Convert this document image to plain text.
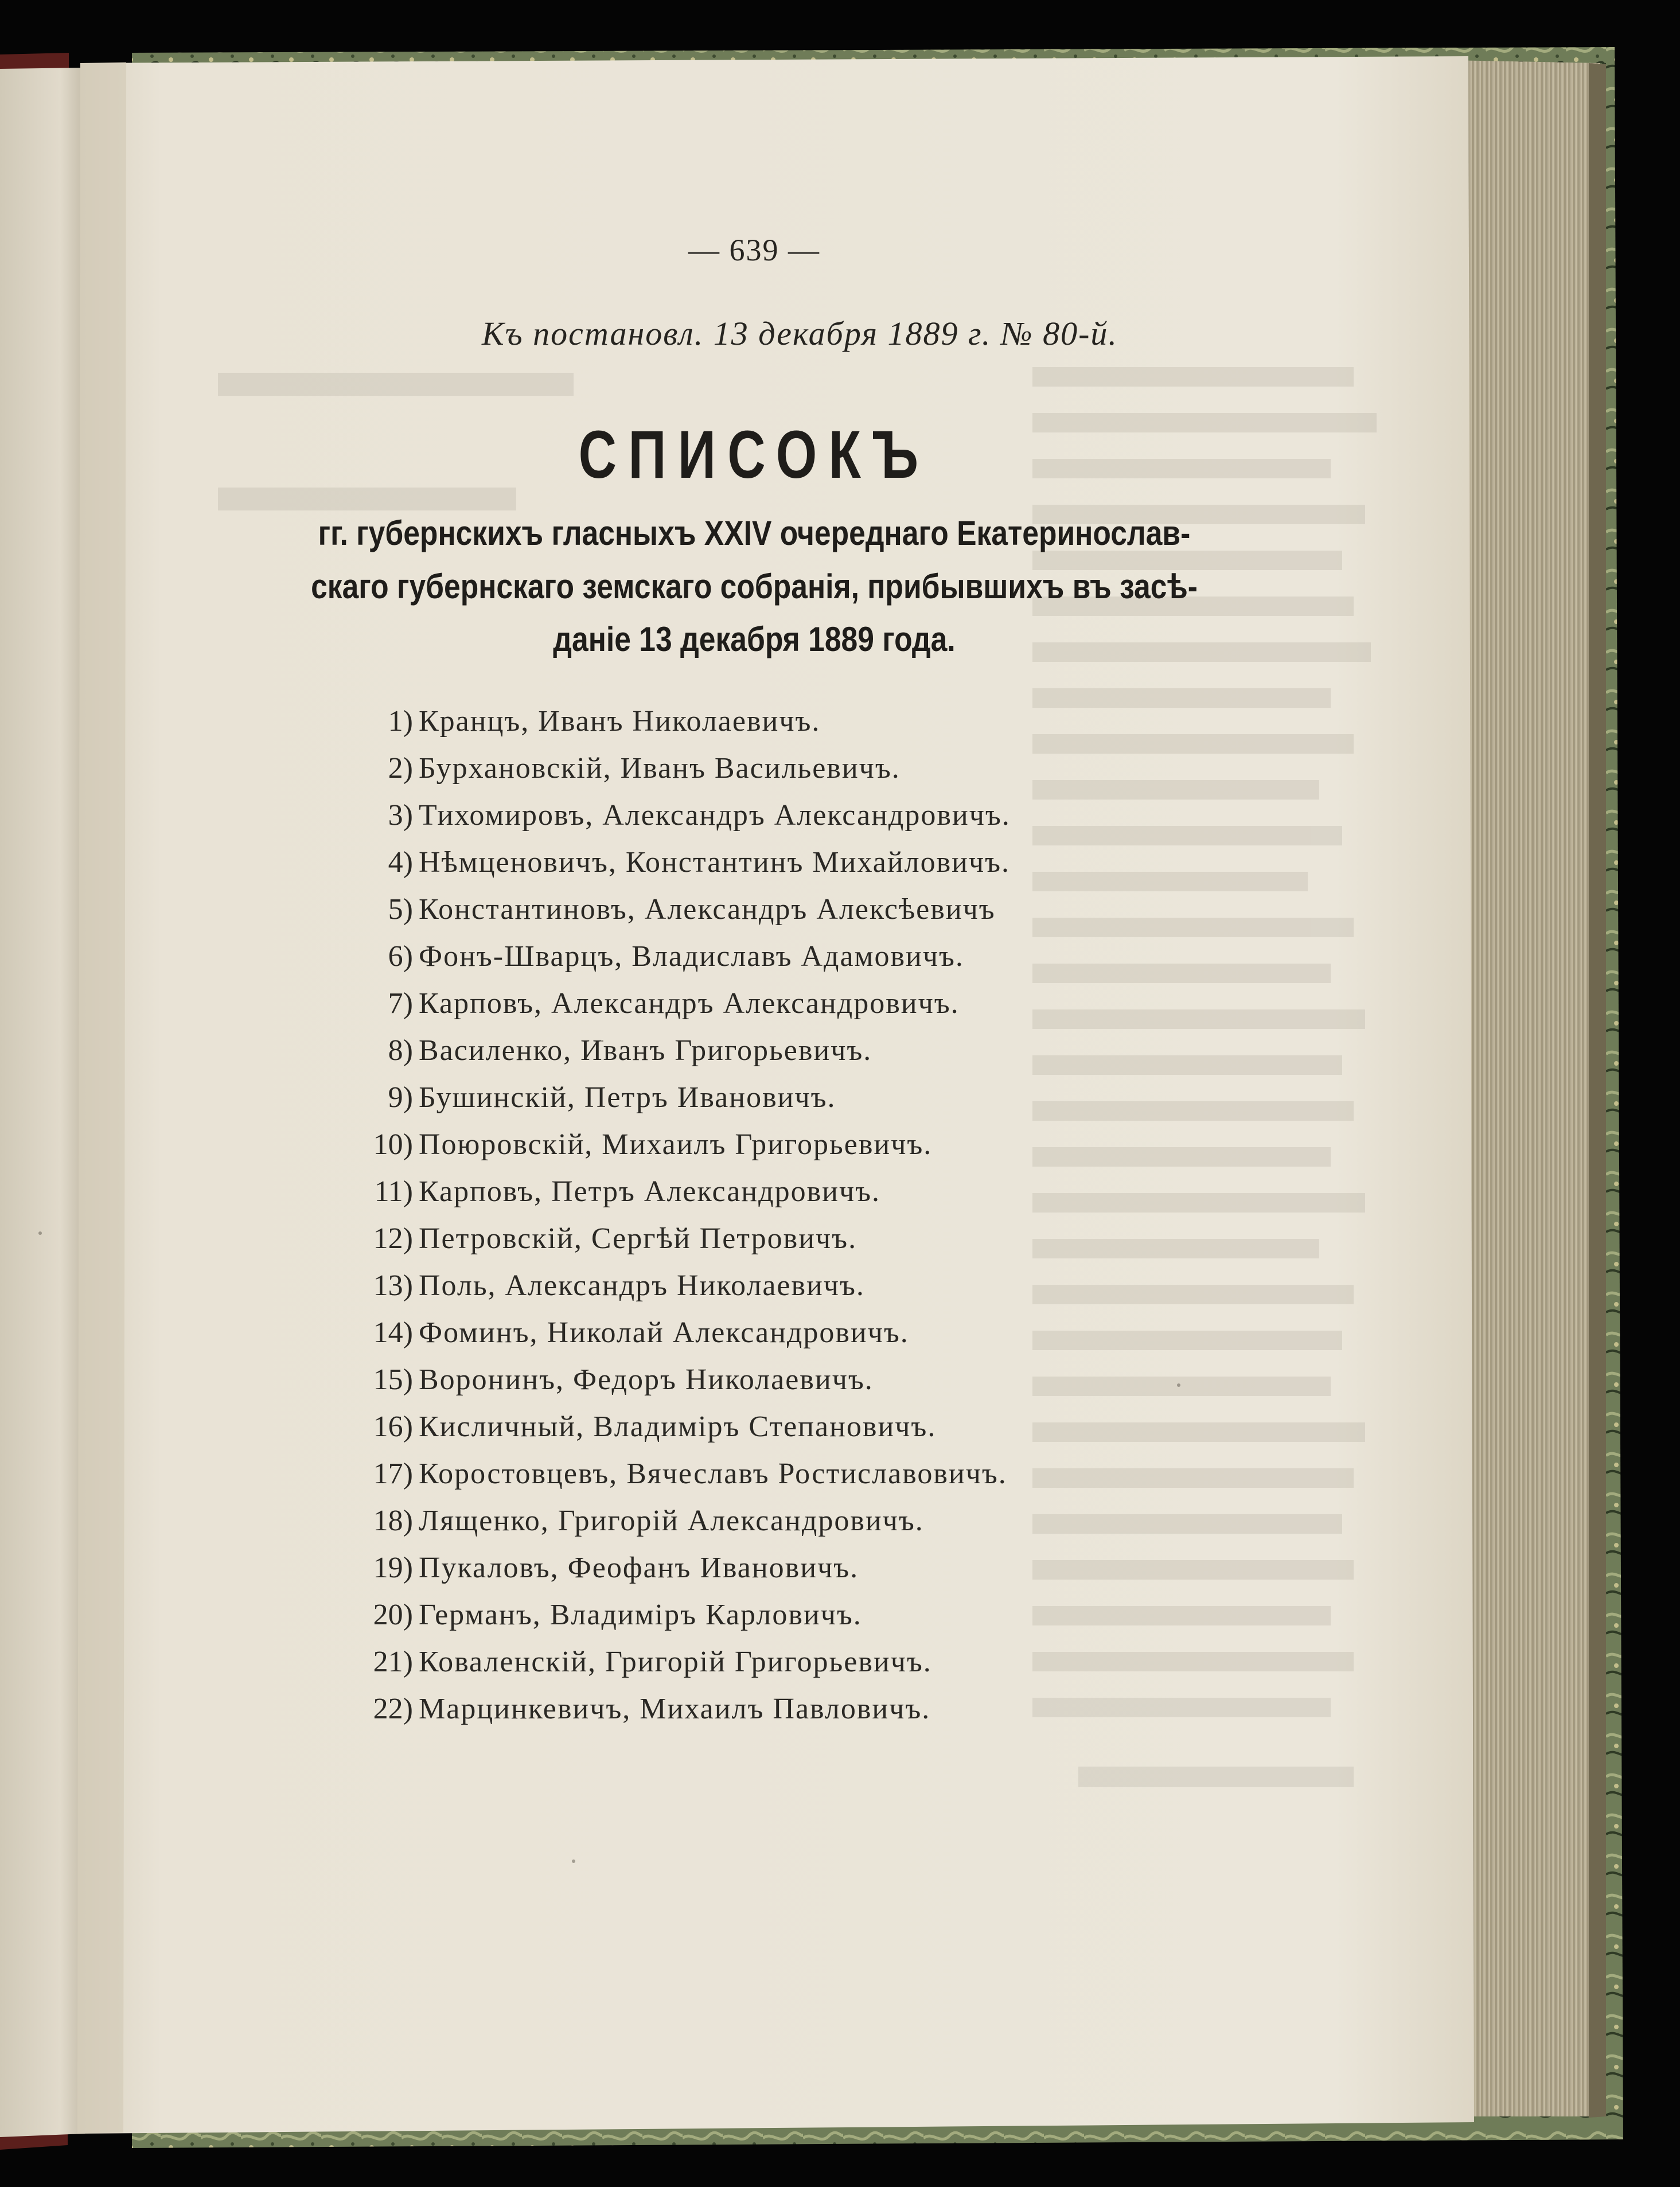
— 639 —
Къ постановл. 13 декабря 1889 г. № 80-й.
СПИСОКЪ
гг. губернскихъ гласныхъ XXIV очереднаго Екатеринослав-
скаго губернскаго земскаго собранія, прибывшихъ въ засѣ-
даніе 13 декабря 1889 года.
1) Кранцъ, Иванъ Николаевичъ.
2) Бурхановскій, Иванъ Васильевичъ.
3) Тихомировъ, Александръ Александровичъ.
4) Нѣмценовичъ, Константинъ Михайловичъ.
5) Константиновъ, Александръ Алексѣевичъ
6) Фонъ-Шварцъ, Владиславъ Адамовичъ.
7) Карповъ, Александръ Александровичъ.
8) Василенко, Иванъ Григорьевичъ.
9) Бушинскій, Петръ Ивановичъ.
10) Поюровскій, Михаилъ Григорьевичъ.
11) Карповъ, Петръ Александровичъ.
12) Петровскій, Сергѣй Петровичъ.
13) Поль, Александръ Николаевичъ.
14) Фоминъ, Николай Александровичъ.
15) Воронинъ, Федоръ Николаевичъ.
16) Кисличный, Владиміръ Степановичъ.
17) Коростовцевъ, Вячеславъ Ростиславовичъ.
18) Лященко, Григорій Александровичъ.
19) Пукаловъ, Феофанъ Ивановичъ.
20) Германъ, Владиміръ Карловичъ.
21) Коваленскій, Григорій Григорьевичъ.
22) Марцинкевичъ, Михаилъ Павловичъ.
